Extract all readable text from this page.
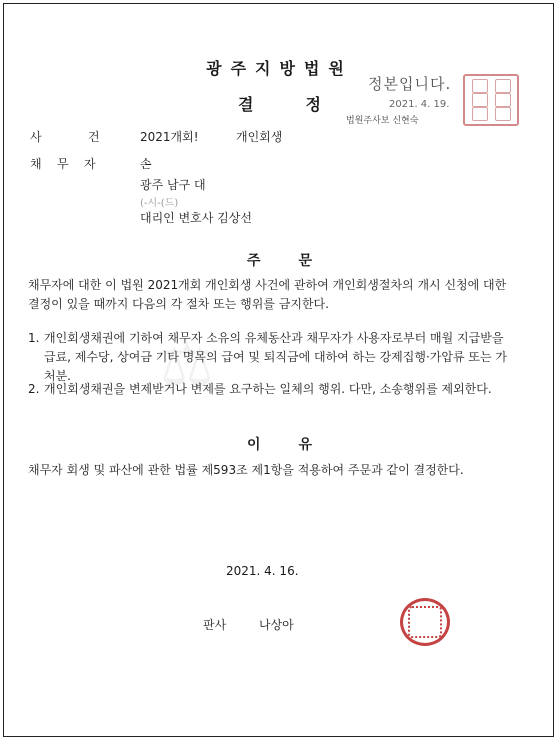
⚖
광주지방법원
결정
정본입니다.
2021. 4. 19.
법원주사보 신현숙
사	건	2021개회!	개인회생
채 무 자	손
광주 남구 대
(-시-(드)
대리인 변호사 김상선
주문
채무자에 대한 이 법원 2021개회 개인회생 사건에 관하여 개인회생절차의 개시 신청에 대한 결정이 있을 때까지 다음의 각 절차 또는 행위를 금지한다.
1. 개인회생채권에 기하여 채무자 소유의 유체동산과 채무자가 사용자로부터 매월 지급받을 급료, 제수당, 상여금 기타 명목의 급여 및 퇴직금에 대하여 하는 강제집행·가압류 또는 가처분.
2. 개인회생채권을 변제받거나 변제를 요구하는 일체의 행위. 다만, 소송행위를 제외한다.
이유
채무자 회생 및 파산에 관한 법률 제593조 제1항을 적용하여 주문과 같이 결정한다.
2021. 4. 16.
판사	나상아
